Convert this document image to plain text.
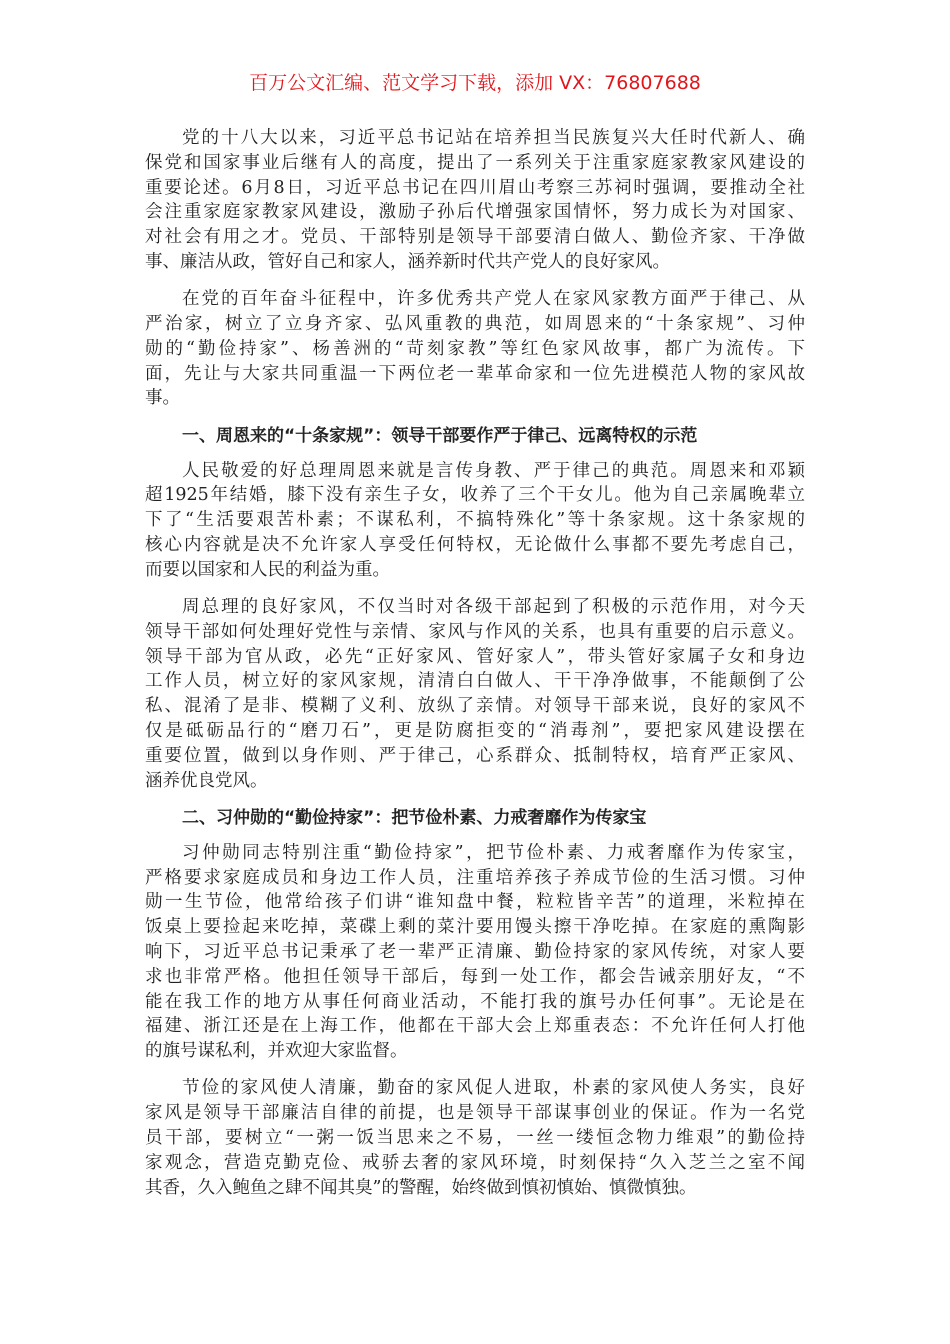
百万公文汇编、范文学习下载，添加 VX：76807688
党的十八大以来，习近平总书记站在培养担当民族复兴大任时代新人、确
保党和国家事业后继有人的高度，提出了一系列关于注重家庭家教家风建设的
重要论述。6月8日，习近平总书记在四川眉山考察三苏祠时强调，要推动全社
会注重家庭家教家风建设，激励子孙后代增强家国情怀，努力成长为对国家、
对社会有用之才。党员、干部特别是领导干部要清白做人、勤俭齐家、干净做
事、廉洁从政，管好自己和家人，涵养新时代共产党人的良好家风。
在党的百年奋斗征程中，许多优秀共产党人在家风家教方面严于律己、从
严治家，树立了立身齐家、弘风重教的典范，如周恩来的“十条家规”、习仲
勋的“勤俭持家”、杨善洲的“苛刻家教”等红色家风故事，都广为流传。下
面，先让与大家共同重温一下两位老一辈革命家和一位先进模范人物的家风故
事。
一、周恩来的“十条家规”：领导干部要作严于律己、远离特权的示范
人民敬爱的好总理周恩来就是言传身教、严于律己的典范。周恩来和邓颖
超1925年结婚，膝下没有亲生子女，收养了三个干女儿。他为自己亲属晚辈立
下了“生活要艰苦朴素；不谋私利，不搞特殊化”等十条家规。这十条家规的
核心内容就是决不允许家人享受任何特权，无论做什么事都不要先考虑自己，
而要以国家和人民的利益为重。
周总理的良好家风，不仅当时对各级干部起到了积极的示范作用，对今天
领导干部如何处理好党性与亲情、家风与作风的关系，也具有重要的启示意义。
领导干部为官从政，必先“正好家风、管好家人”，带头管好家属子女和身边
工作人员，树立好的家风家规，清清白白做人、干干净净做事，不能颠倒了公
私、混淆了是非、模糊了义利、放纵了亲情。对领导干部来说，良好的家风不
仅是砥砺品行的“磨刀石”，更是防腐拒变的“消毒剂”，要把家风建设摆在
重要位置，做到以身作则、严于律己，心系群众、抵制特权，培育严正家风、
涵养优良党风。
二、习仲勋的“勤俭持家”：把节俭朴素、力戒奢靡作为传家宝
习仲勋同志特别注重“勤俭持家”，把节俭朴素、力戒奢靡作为传家宝，
严格要求家庭成员和身边工作人员，注重培养孩子养成节俭的生活习惯。习仲
勋一生节俭，他常给孩子们讲“谁知盘中餐，粒粒皆辛苦”的道理，米粒掉在
饭桌上要捡起来吃掉，菜碟上剩的菜汁要用馒头擦干净吃掉。在家庭的熏陶影
响下，习近平总书记秉承了老一辈严正清廉、勤俭持家的家风传统，对家人要
求也非常严格。他担任领导干部后，每到一处工作，都会告诫亲朋好友，“不
能在我工作的地方从事任何商业活动，不能打我的旗号办任何事”。无论是在
福建、浙江还是在上海工作，他都在干部大会上郑重表态：不允许任何人打他
的旗号谋私利，并欢迎大家监督。
节俭的家风使人清廉，勤奋的家风促人进取，朴素的家风使人务实，良好
家风是领导干部廉洁自律的前提，也是领导干部谋事创业的保证。作为一名党
员干部，要树立“一粥一饭当思来之不易，一丝一缕恒念物力维艰”的勤俭持
家观念，营造克勤克俭、戒骄去奢的家风环境，时刻保持“久入芝兰之室不闻
其香，久入鲍鱼之肆不闻其臭”的警醒，始终做到慎初慎始、慎微慎独。
